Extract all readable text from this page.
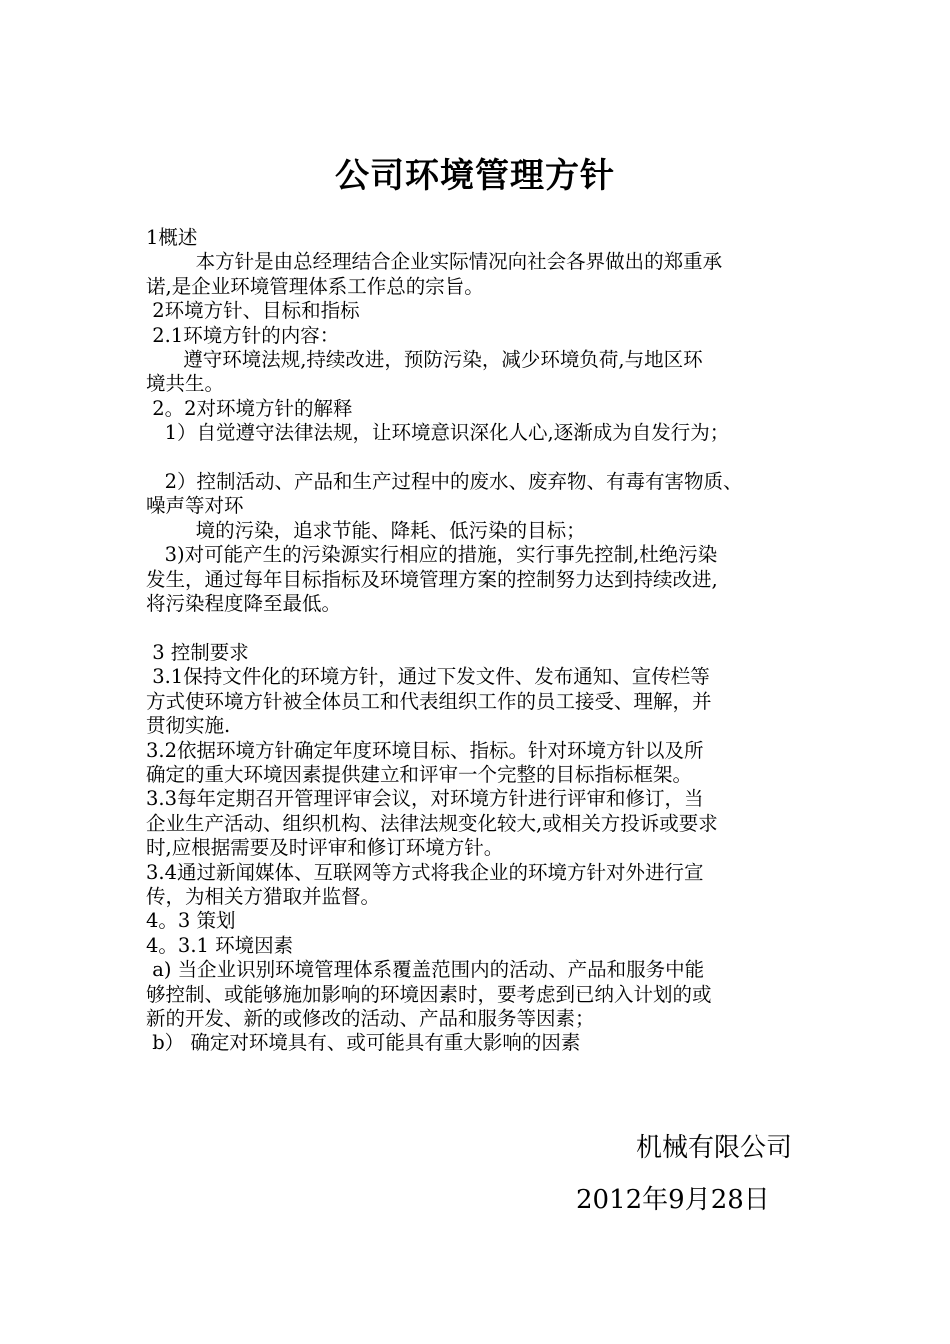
公司环境管理方针
1概述
本方针是由总经理结合企业实际情况向社会各界做出的郑重承
诺,是企业环境管理体系工作总的宗旨。
2环境方针、目标和指标
2.1环境方针的内容：
遵守环境法规,持续改进，预防污染，减少环境负荷,与地区环
境共生。
2。2对环境方针的解释
1）自觉遵守法律法规，让环境意识深化人心,逐渐成为自发行为；
2）控制活动、产品和生产过程中的废水、废弃物、有毒有害物质、
噪声等对环
境的污染，追求节能、降耗、低污染的目标；
3)对可能产生的污染源实行相应的措施，实行事先控制,杜绝污染
发生，通过每年目标指标及环境管理方案的控制努力达到持续改进,
将污染程度降至最低。
3 控制要求
3.1保持文件化的环境方针，通过下发文件、发布通知、宣传栏等
方式使环境方针被全体员工和代表组织工作的员工接受、理解，并
贯彻实施.
3.2依据环境方针确定年度环境目标、指标。针对环境方针以及所
确定的重大环境因素提供建立和评审一个完整的目标指标框架。
3.3每年定期召开管理评审会议，对环境方针进行评审和修订，当
企业生产活动、组织机构、法律法规变化较大,或相关方投诉或要求
时,应根据需要及时评审和修订环境方针。
3.4通过新闻媒体、互联网等方式将我企业的环境方针对外进行宣
传，为相关方猎取并监督。
4。3 策划
4。3.1 环境因素
a) 当企业识别环境管理体系覆盖范围内的活动、产品和服务中能
够控制、或能够施加影响的环境因素时，要考虑到已纳入计划的或
新的开发、新的或修改的活动、产品和服务等因素；
b） 确定对环境具有、或可能具有重大影响的因素
机械有限公司
2012年9月28日
